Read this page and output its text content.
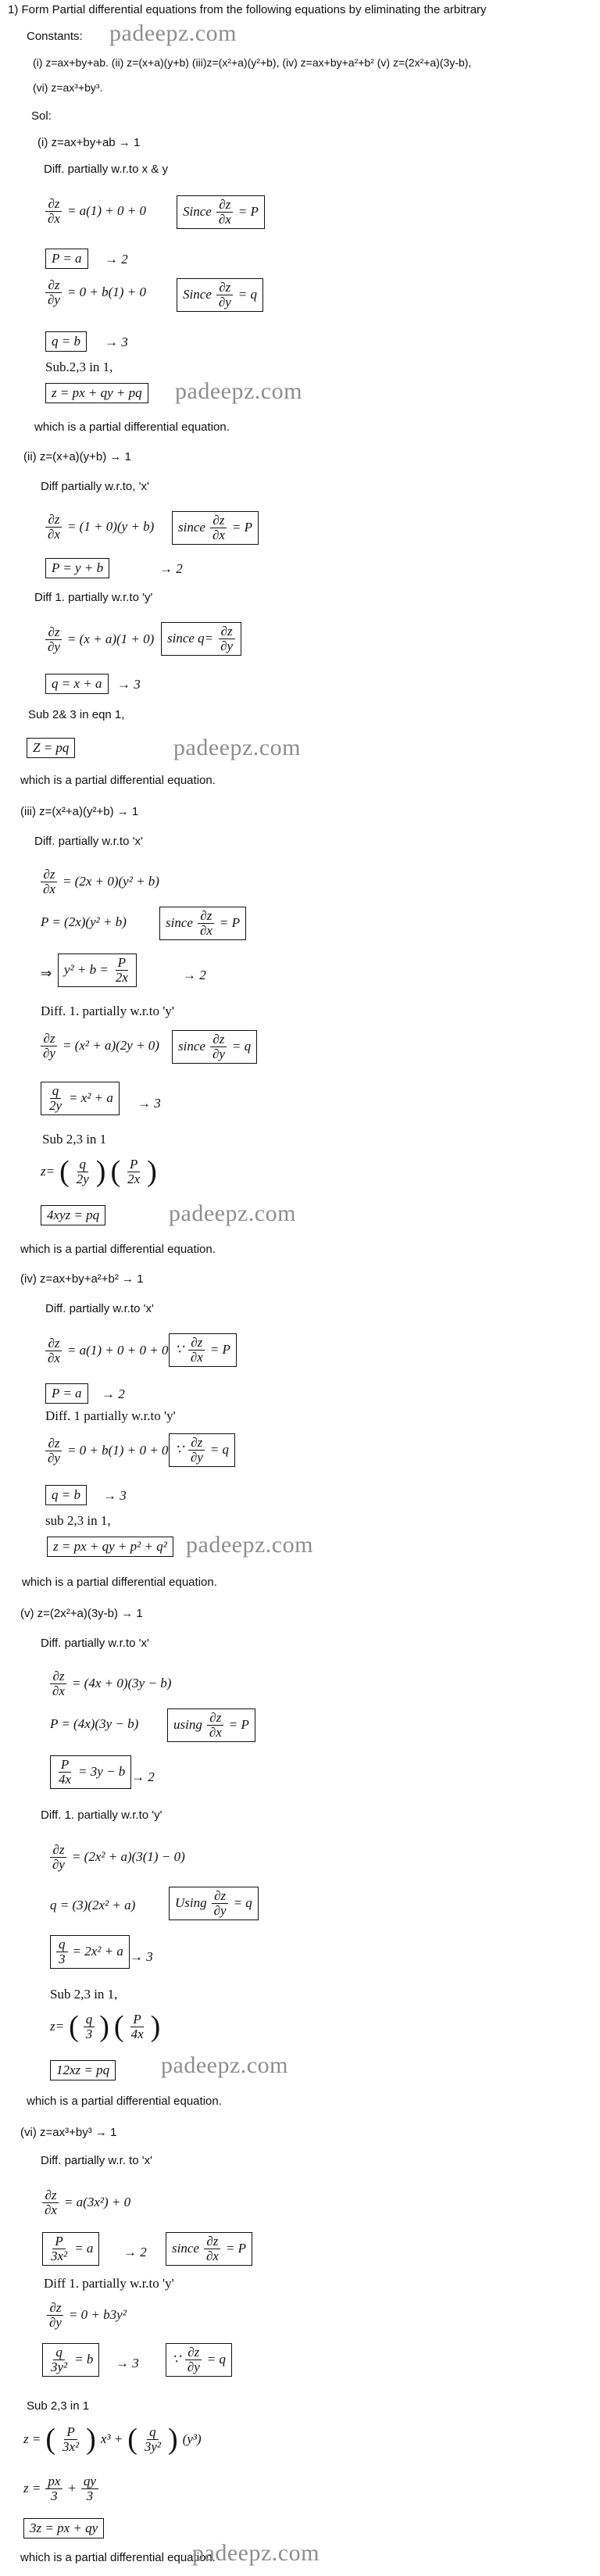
1) Form Partial differential equations from the following equations by eliminating the arbitrary
Constants: padeepz.com
(i) z=ax+by+ab. (ii) z=(x+a)(y+b) (iii)z=(x²+a)(y²+b), (iv) z=ax+by+a²+b² (v) z=(2x²+a)(3y-b),
(vi) z=ax³+by³.
Sol:
(i) z=ax+by+ab → 1
Diff. partially w.r.to x & y
$\frac{\partial z}{\partial x} = a(1) + 0 + 0$	Since $\frac{\partial z}{\partial x} = P$
P = a	→ 2
$\frac{\partial z}{\partial y} = 0 + b(1) + 0$	Since $\frac{\partial z}{\partial y} = q$
q = b	→ 3
Sub.2,3 in 1,
z = px + qy + pq padeepz.com
which is a partial differential equation.
(ii) z=(x+a)(y+b) → 1
Diff partially w.r.to, 'x'
$\frac{\partial z}{\partial x} = (1 + 0)(y + b)$ since $\frac{\partial z}{\partial x} = P$
P = y + b	→ 2
Diff 1. partially w.r.to 'y'
$\frac{\partial z}{\partial y} = (x + a)(1 + 0)$ since $q= \frac{\partial z}{\partial y}$
q = x + a	→ 3
Sub 2& 3 in eqn 1,
Z = pq	padeepz.com
which is a partial differential equation.
(iii) z=(x²+a)(y²+b) → 1
Diff. partially w.r.to 'x'
$\frac{\partial z}{\partial x} = (2x + 0)(y^2 + b)$
P = (2x)(y² + b)	since $\frac{\partial z}{\partial x} = P$
⇒ $y^2 + b = \frac{P}{2x}$	→ 2
Diff. 1. partially w.r.to 'y'
$\frac{\partial z}{\partial y} = (x^2 + a)(2y + 0)$ since $\frac{\partial z}{\partial y} = q$
$\frac{q}{2y} = x^2 + a \to 3$
Sub 2,3 in 1
z= ( $\frac{q}{2y}$ ) ( $\frac{P}{2x}$ )
4xyz = pq	padeepz.com
which is a partial differential equation.
(iv) z=ax+by+a²+b² → 1
Diff. partially w.r.to 'x'
$\frac{\partial z}{\partial x} = a(1) + 0 + 0 + 0$ ∵ $\frac{\partial z}{\partial x} = P$
P = a	→ 2
Diff. 1 partially w.r.to 'y'
$\frac{\partial z}{\partial y} = 0 + b(1) + 0 + 0$ ∵ $\frac{\partial z}{\partial y} = q$
q = b	→ 3
sub 2,3 in 1,
z = px + qy + p² + q² padeepz.com
which is a partial differential equation.
(v) z=(2x²+a)(3y-b) → 1
Diff. partially w.r.to 'x'
$\frac{\partial z}{\partial x} = (4x + 0)(3y - b)$
P = (4x)(3y − b)	using $\frac{\partial z}{\partial x} = P$
$\frac{P}{4x} = 3y - b \to 2$
Diff. 1. partially w.r.to 'y'
$\frac{\partial z}{\partial y} = (2x^2 + a)(3(1) - 0)$
q = (3)(2x² + a)	Using $\frac{\partial z}{\partial y} = q$
$\frac{q}{3} = 2x^2 + a \to 3$
Sub 2,3 in 1,
z= ( $\frac{q}{3}$ ) ( $\frac{P}{4x}$ )
12xz = pq padeepz.com
which is a partial differential equation.
(vi) z=ax³+by³ → 1
Diff. partially w.r. to 'x'
$\frac{\partial z}{\partial x} = a(3x^2) + 0$
$\frac{P}{\text{3x²}} = a \to 2$ since $\frac{\partial z}{\partial x} = P$
Diff 1. partially w.r.to 'y'
$\frac{\partial z}{\partial y} = 0 + b3y^2$
$\frac{q}{\text{3y²}} = b \to 3$ ∵ $\frac{\partial z}{\partial y} = q$
Sub 2,3 in 1
z = ( $\frac{P}{\text{3x²}}$ ) x³ + ( $\frac{q}{\text{3y²}}$ ) (y³)
$z = \frac{px}{3} + \frac{qy}{3}$
3z = px + qy
which is a partial differential equation.
padeepz.com
